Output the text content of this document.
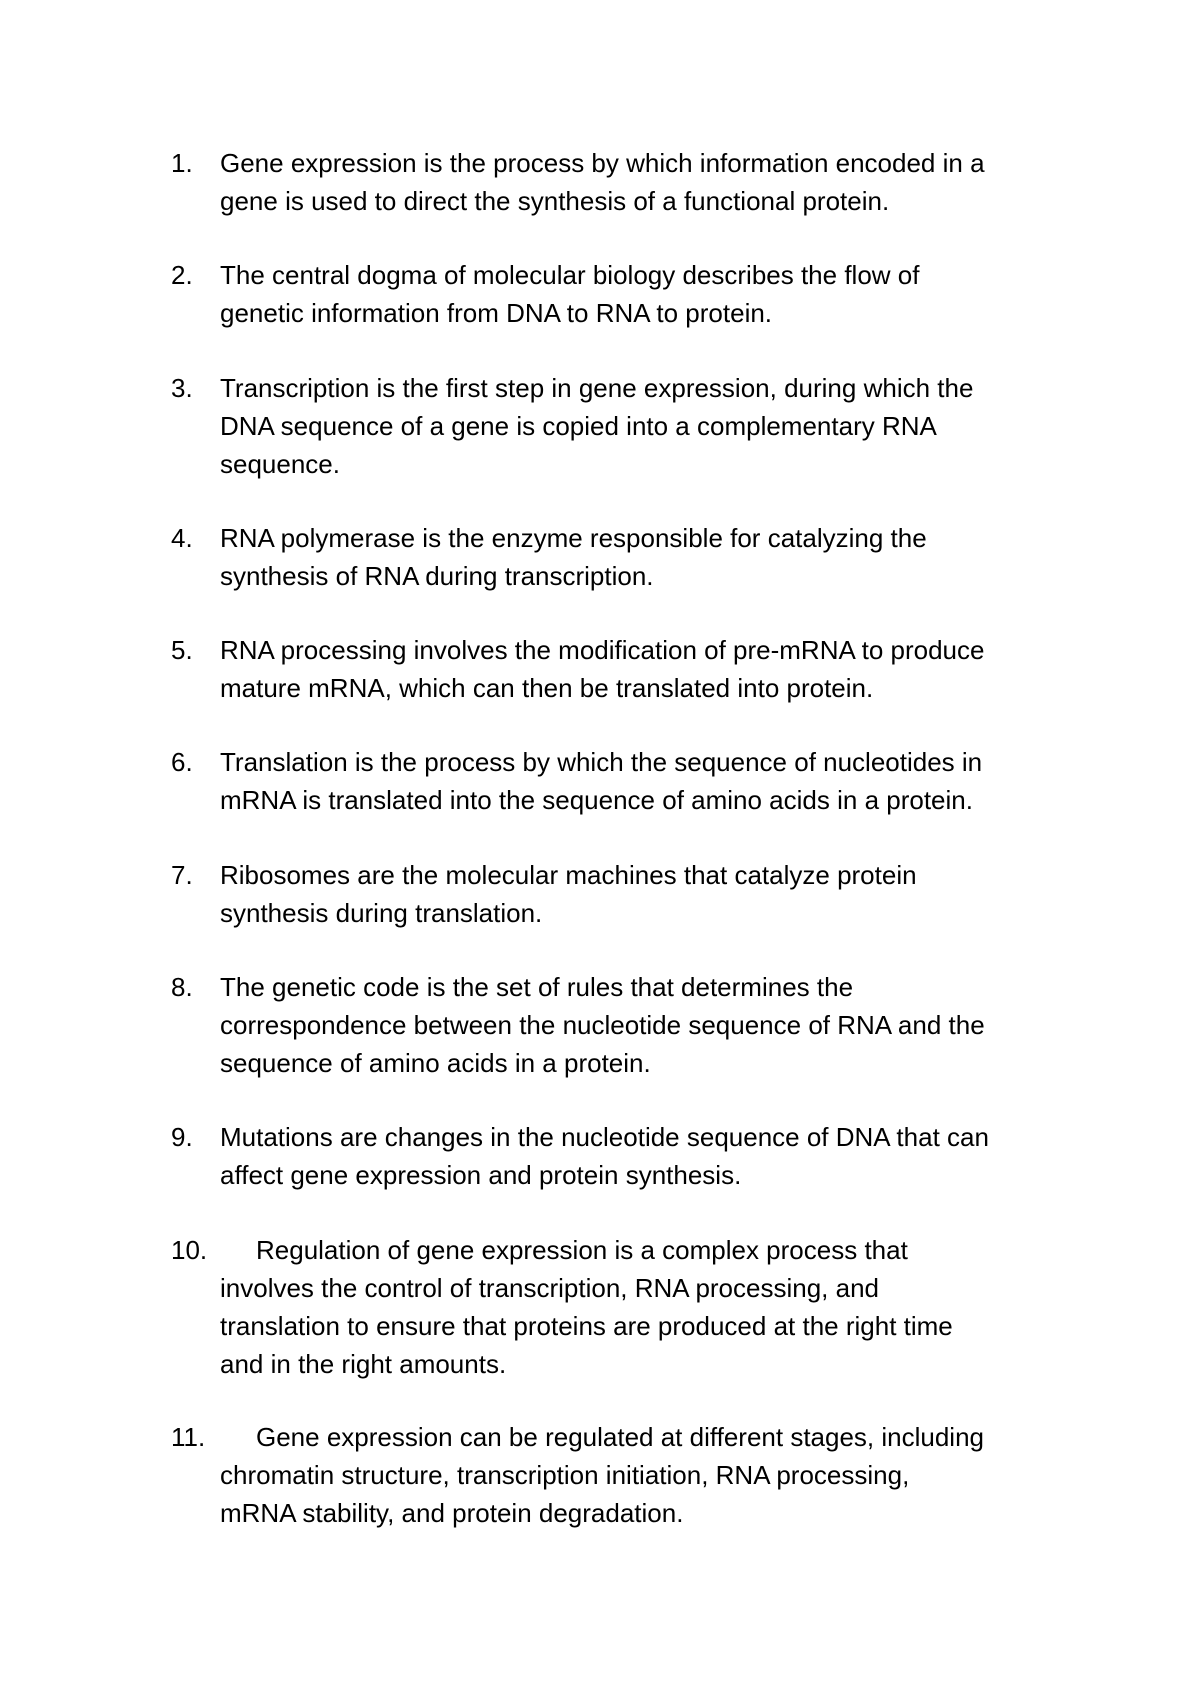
1. Gene expression is the process by which information encoded in a
gene is used to direct the synthesis of a functional protein.
2. The central dogma of molecular biology describes the flow of
genetic information from DNA to RNA to protein.
3. Transcription is the first step in gene expression, during which the
DNA sequence of a gene is copied into a complementary RNA
sequence.
4. RNA polymerase is the enzyme responsible for catalyzing the
synthesis of RNA during transcription.
5. RNA processing involves the modification of pre-mRNA to produce
mature mRNA, which can then be translated into protein.
6. Translation is the process by which the sequence of nucleotides in
mRNA is translated into the sequence of amino acids in a protein.
7. Ribosomes are the molecular machines that catalyze protein
synthesis during translation.
8. The genetic code is the set of rules that determines the
correspondence between the nucleotide sequence of RNA and the
sequence of amino acids in a protein.
9. Mutations are changes in the nucleotide sequence of DNA that can
affect gene expression and protein synthesis.
10.	Regulation of gene expression is a complex process that
involves the control of transcription, RNA processing, and
translation to ensure that proteins are produced at the right time
and in the right amounts.
11.	Gene expression can be regulated at different stages, including
chromatin structure, transcription initiation, RNA processing,
mRNA stability, and protein degradation.
